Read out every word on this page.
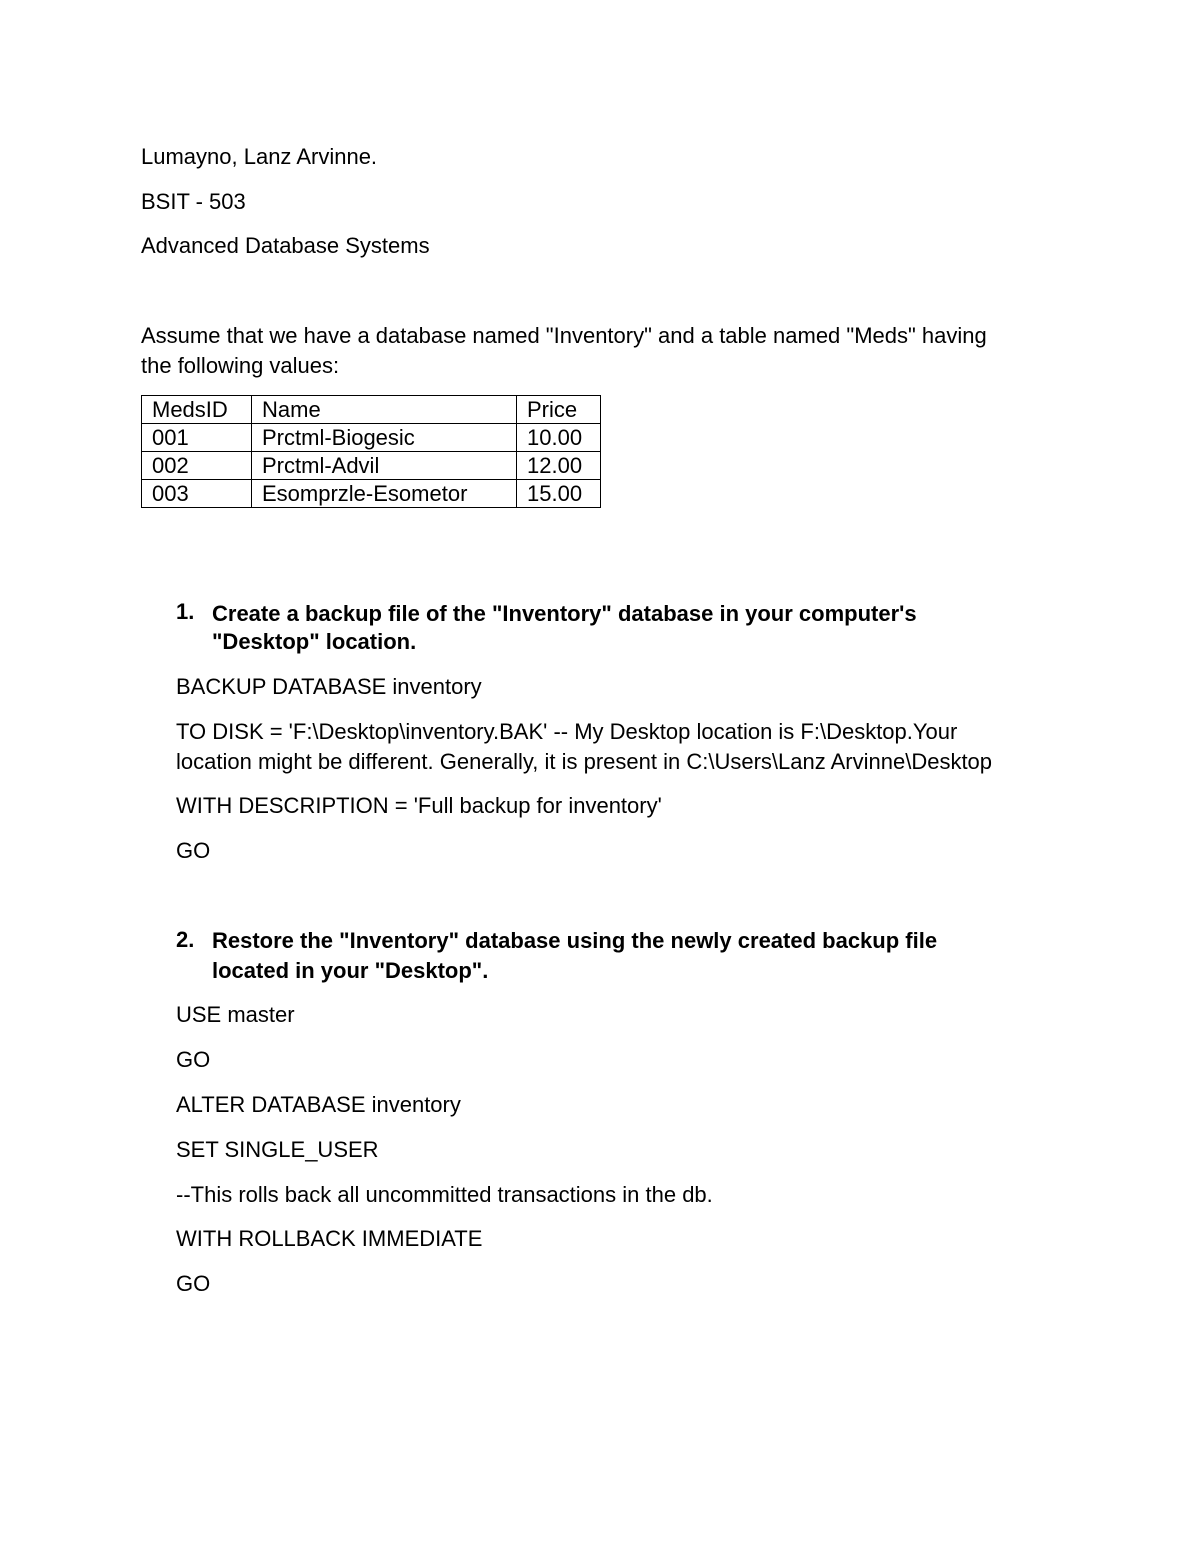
Lumayno, Lanz Arvinne.
BSIT - 503
Advanced Database Systems
Assume that we have a database named "Inventory" and a table named "Meds" having
the following values:
MedsID	Name	Price
001	Prctml-Biogesic	10.00
002	Prctml-Advil	12.00
003	Esomprzle-Esometor	15.00
1. Create a backup file of the "Inventory" database in your computer's
"Desktop" location.
BACKUP DATABASE inventory
TO DISK = 'F:\Desktop\inventory.BAK' -- My Desktop location is F:\Desktop.Your
location might be different. Generally, it is present in C:\Users\Lanz Arvinne\Desktop
WITH DESCRIPTION = 'Full backup for inventory'
GO
2. Restore the "Inventory" database using the newly created backup file
located in your "Desktop".
USE master
GO
ALTER DATABASE inventory
SET SINGLE_USER
--This rolls back all uncommitted transactions in the db.
WITH ROLLBACK IMMEDIATE
GO
